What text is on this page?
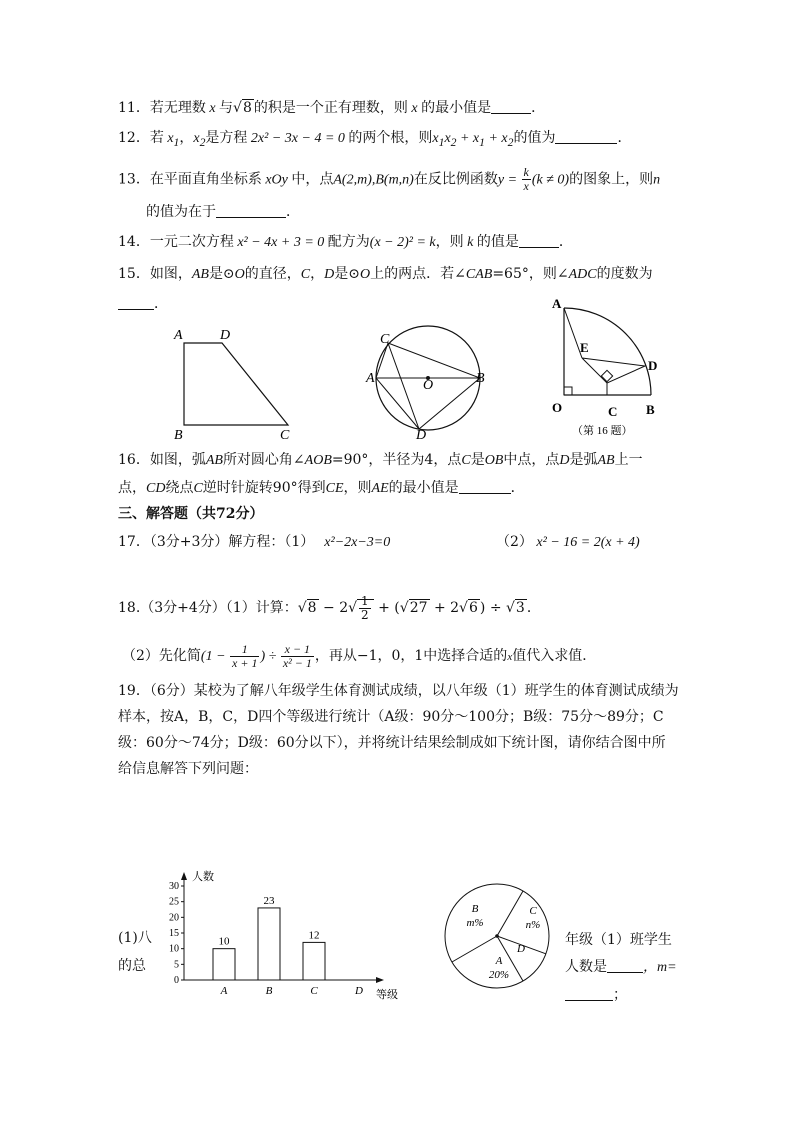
11．若无理数 x 与√8 的积是一个正有理数，则 x 的最小值是	．
12．若 $x_1$，$x_2$是方程 2x² − 3x − 4 = 0 的两个根，则$x_1x_2 + x_1 + x_2$的值为	．
13．在平面直角坐标系 xOy 中，点A(2,m),B(m,n)在反比例函数$y = \frac{k}{x} (k \ne 0)$的图象上，则n
的值为在于	．
14．一元二次方程 x² − 4x + 3 = 0 配方为(x − 2)² = k，则 k 的值是	．
15．如图，AB是⊙O的直径，C，D是⊙O上的两点．若∠CAB=65°，则∠ADC的度数为
．
A	D
B	C
C
A	B
O
D
A
E
D
O	C B
（第 16 题）
16．如图，弧AB所对圆心角∠AOB=90°，半径为4，点C是OB中点，点D是弧AB上一
点，CD绕点C逆时针旋转90°得到CE，则AE的最小值是	．
三、解答题（共72分）
17．（3分+3分）解方程：（1） x²−2x−3=0	（2） x² − 16 = 2(x + 4)
18.（3分+4分）（1）计算：$√8 - 2√ \frac{1}{2} + (√27 + 2√6$ ) ÷ √3 ．
（2）先化简($1 - \frac{1}{x + 1}$ ) ÷ $\frac{x - 1}{\text{x² − 1}}$ ，再从−1，0，1中选择合适的x值代入求值．
19．（6分）某校为了解八年级学生体育测试成绩，以八年级（1）班学生的体育测试成绩为
样本，按A，B，C，D四个等级进行统计（A级：90分～100分；B级：75分～89分；C
级：60分～74分；D级：60分以下），并将统计结果绘制成如下统计图，请你结合图中所
给信息解答下列问题：
(1)八
的总
人数
等级
0
5
10
15
20
25
30
A
10
B
23
C
12
D
B
m%
C
n%
D
A
20%
年级（1）班学生
人数是	，m=
；
